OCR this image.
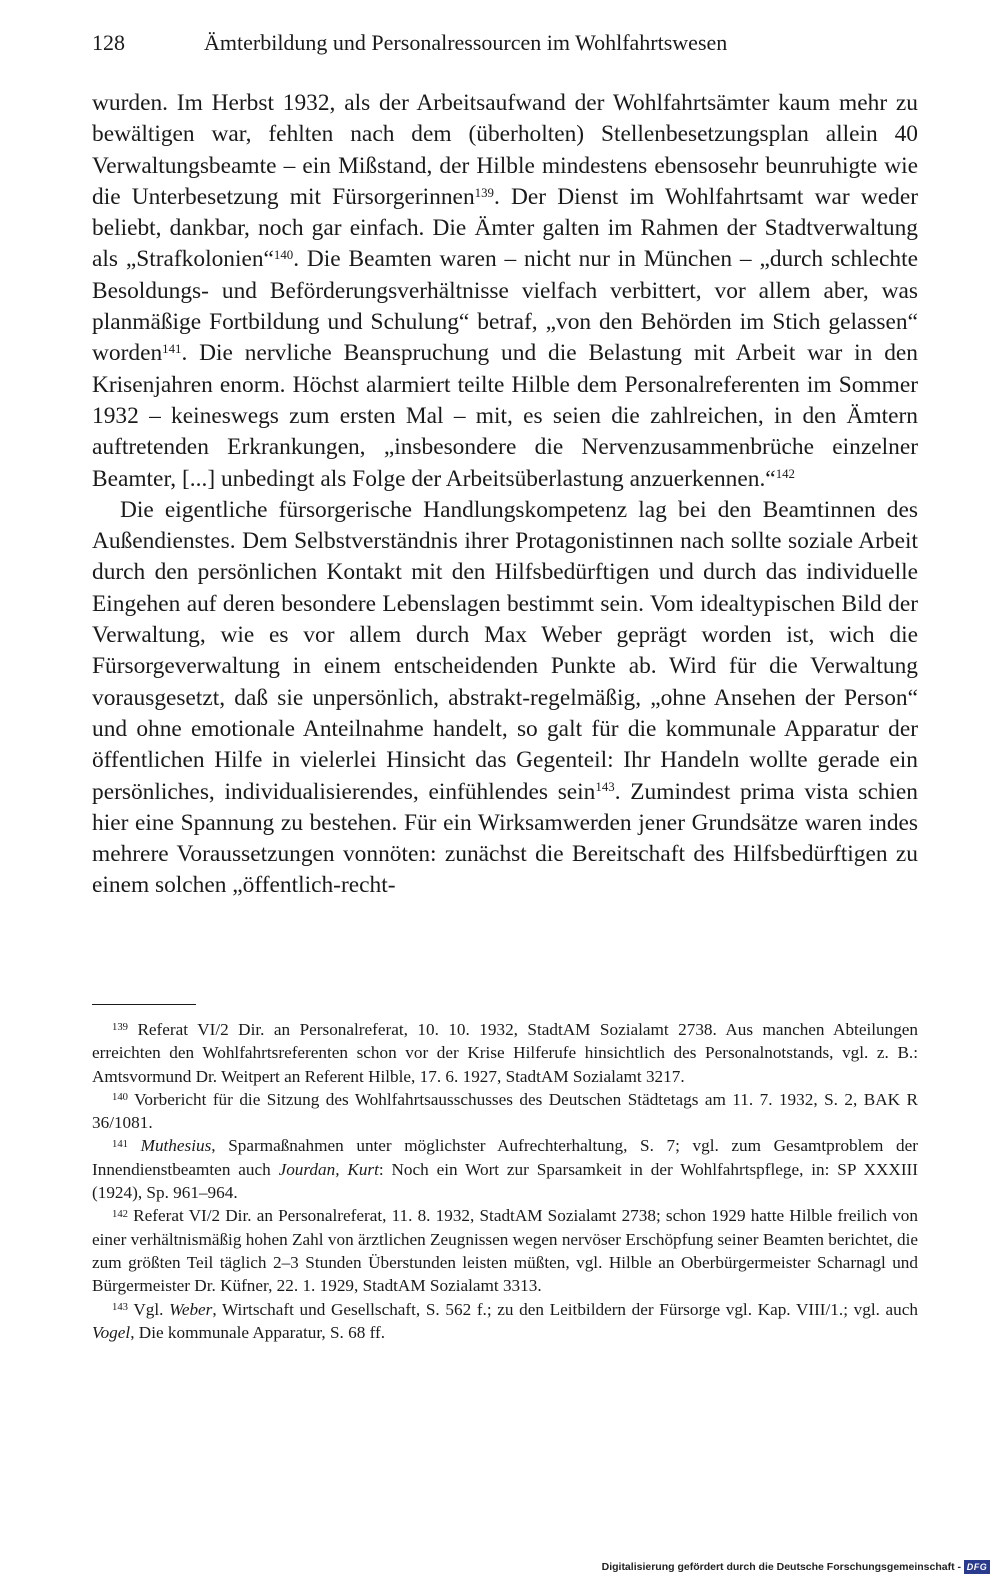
128	Ämterbildung und Personalressourcen im Wohlfahrtswesen

wurden. Im Herbst 1932, als der Arbeitsaufwand der Wohlfahrtsämter kaum mehr zu bewältigen war, fehlten nach dem (überholten) Stellenbesetzungsplan allein 40 Verwaltungsbeamte – ein Mißstand, der Hilble mindestens ebensosehr beunruhigte wie die Unterbesetzung mit Fürsorgerinnen$^{139}$. Der Dienst im Wohlfahrtsamt war weder beliebt, dankbar, noch gar einfach. Die Ämter galten im Rahmen der Stadtverwaltung als „Strafkolonien“$^{140}$. Die Beamten waren – nicht nur in München – „durch schlechte Besoldungs- und Beförderungsverhältnisse vielfach verbittert, vor allem aber, was planmäßige Fortbildung und Schulung“ betraf, „von den Behörden im Stich gelassen“ worden$^{141}$. Die nervliche Beanspruchung und die Belastung mit Arbeit war in den Krisenjahren enorm. Höchst alarmiert teilte Hilble dem Personalreferenten im Sommer 1932 – keineswegs zum ersten Mal – mit, es seien die zahlreichen, in den Ämtern auftretenden Erkrankungen, „insbesondere die Nervenzusammenbrüche einzelner Beamter, [...] unbedingt als Folge der Arbeitsüberlastung anzuerkennen.“$^{142}$

Die eigentliche fürsorgerische Handlungskompetenz lag bei den Beamtinnen des Außendienstes. Dem Selbstverständnis ihrer Protagonistinnen nach sollte soziale Arbeit durch den persönlichen Kontakt mit den Hilfsbedürftigen und durch das individuelle Eingehen auf deren besondere Lebenslagen bestimmt sein. Vom idealtypischen Bild der Verwaltung, wie es vor allem durch Max Weber geprägt worden ist, wich die Fürsorgeverwaltung in einem entscheidenden Punkte ab. Wird für die Verwaltung vorausgesetzt, daß sie unpersönlich, abstrakt-regelmäßig, „ohne Ansehen der Person“ und ohne emotionale Anteilnahme handelt, so galt für die kommunale Apparatur der öffentlichen Hilfe in vielerlei Hinsicht das Gegenteil: Ihr Handeln wollte gerade ein persönliches, individualisierendes, einfühlendes sein$^{143}$. Zumindest prima vista schien hier eine Spannung zu bestehen. Für ein Wirksamwerden jener Grundsätze waren indes mehrere Voraussetzungen vonnöten: zunächst die Bereitschaft des Hilfsbedürftigen zu einem solchen „öffentlich-recht-

$^{139}$ Referat VI/2 Dir. an Personalreferat, 10. 10. 1932, StadtAM Sozialamt 2738. Aus manchen Abteilungen erreichten den Wohlfahrtsreferenten schon vor der Krise Hilferufe hinsichtlich des Personalnotstands, vgl. z. B.: Amtsvormund Dr. Weitpert an Referent Hilble, 17. 6. 1927, StadtAM Sozialamt 3217.

$^{140}$ Vorbericht für die Sitzung des Wohlfahrtsausschusses des Deutschen Städtetags am 11. 7. 1932, S. 2, BAK R 36/1081.

$^{141}$ Muthesius, Sparmaßnahmen unter möglichster Aufrechterhaltung, S. 7; vgl. zum Gesamtproblem der Innendienstbeamten auch Jourdan, Kurt: Noch ein Wort zur Sparsamkeit in der Wohlfahrtspflege, in: SP XXXIII (1924), Sp. 961–964.

$^{142}$ Referat VI/2 Dir. an Personalreferat, 11. 8. 1932, StadtAM Sozialamt 2738; schon 1929 hatte Hilble freilich von einer verhältnismäßig hohen Zahl von ärztlichen Zeugnissen wegen nervöser Erschöpfung seiner Beamten berichtet, die zum größten Teil täglich 2–3 Stunden Überstunden leisten müßten, vgl. Hilble an Oberbürgermeister Scharnagl und Bürgermeister Dr. Küfner, 22. 1. 1929, StadtAM Sozialamt 3313.

$^{143}$ Vgl. Weber, Wirtschaft und Gesellschaft, S. 562 f.; zu den Leitbildern der Fürsorge vgl. Kap. VIII/1.; vgl. auch Vogel, Die kommunale Apparatur, S. 68 ff.

Digitalisierung gefördert durch die Deutsche Forschungsgemeinschaft - DFG
